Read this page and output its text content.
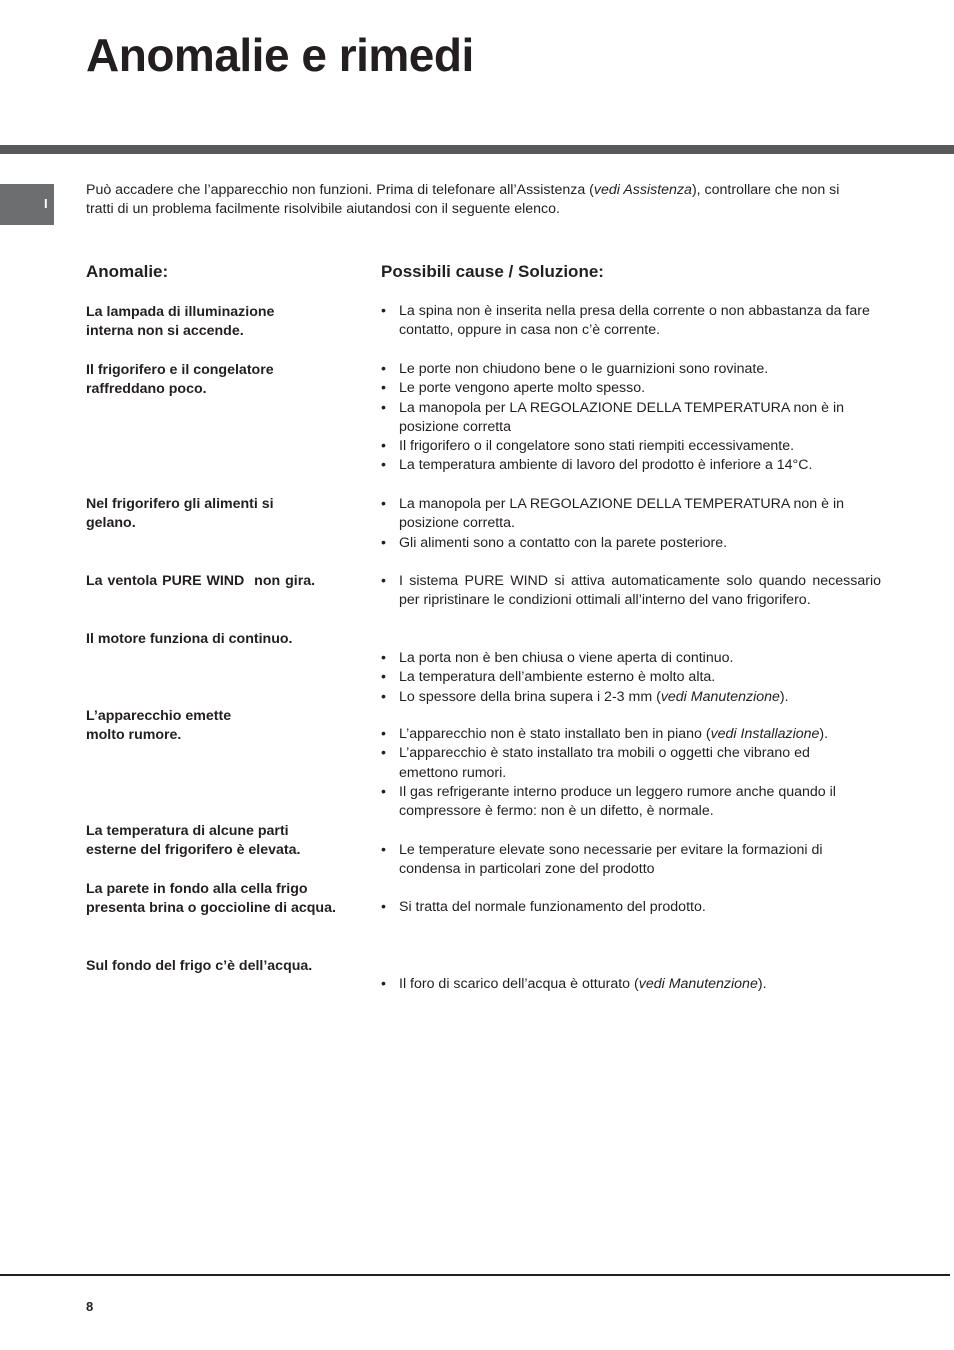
Anomalie e rimedi
I

Può accadere che l’apparecchio non funzioni. Prima di telefonare all’Assistenza (vedi Assistenza), controllare che non si tratti di un problema facilmente risolvibile aiutandosi con il seguente elenco.

Anomalie:	Possibili cause / Soluzione:

La lampada di illuminazione interna non si accende.

Il frigorifero e il congelatore raffreddano poco.

Nel frigorifero gli alimenti si gelano.

La ventola PURE WIND  non gira.

Il motore funziona di continuo.

L’apparecchio emette molto rumore.

La temperatura di alcune parti esterne del frigorifero è elevata.

La parete in fondo alla cella frigo presenta brina o goccioline di acqua.

Sul fondo del frigo c’è dell’acqua.

• La spina non è inserita nella presa della corrente o non abbastanza da fare contatto, oppure in casa non c’è corrente.
• Le porte non chiudono bene o le guarnizioni sono rovinate.
• Le porte vengono aperte molto spesso.
• La manopola per LA REGOLAZIONE DELLA TEMPERATURA non è in posizione corretta
• Il frigorifero o il congelatore sono stati riempiti eccessivamente.
• La temperatura ambiente di lavoro del prodotto è inferiore a 14°C.
• La manopola per LA REGOLAZIONE DELLA TEMPERATURA non è in posizione corretta.
• Gli alimenti sono a contatto con la parete posteriore.
• I sistema PURE WIND si attiva automaticamente solo quando necessario per ripristinare le condizioni ottimali all’interno del vano frigorifero.
• La porta non è ben chiusa o viene aperta di continuo.
• La temperatura dell’ambiente esterno è molto alta.
• Lo spessore della brina supera i 2-3 mm (vedi Manutenzione).
• L’apparecchio non è stato installato ben in piano (vedi Installazione).
• L’apparecchio è stato installato tra mobili o oggetti che vibrano ed emettono rumori.
• Il gas refrigerante interno produce un leggero rumore anche quando il compressore è fermo: non è un difetto, è normale.
• Le temperature elevate sono necessarie per evitare la formazioni di condensa in particolari zone del prodotto
• Si tratta del normale funzionamento del prodotto.
• Il foro di scarico dell’acqua è otturato (vedi Manutenzione).
8
